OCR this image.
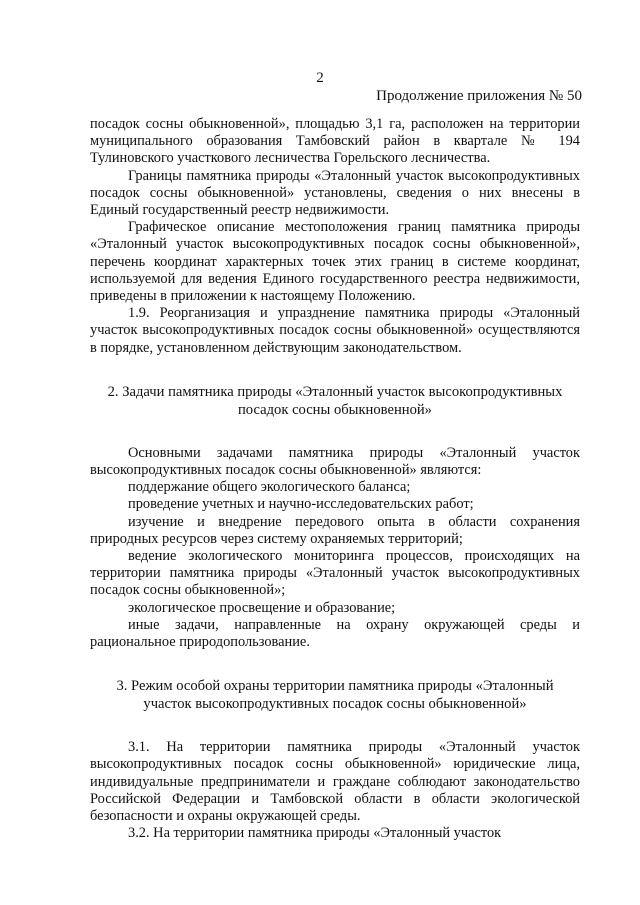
2
Продолжение приложения № 50

посадок сосны обыкновенной», площадью 3,1 га, расположен на территории муниципального образования Тамбовский район в квартале № 194 Тулиновского участкового лесничества Горельского лесничества.

Границы памятника природы «Эталонный участок высокопродуктивных посадок сосны обыкновенной» установлены, сведения о них внесены в Единый государственный реестр недвижимости.

Графическое описание местоположения границ памятника природы «Эталонный участок высокопродуктивных посадок сосны обыкновенной», перечень координат характерных точек этих границ в системе координат, используемой для ведения Единого государственного реестра недвижимости, приведены в приложении к настоящему Положению.

1.9. Реорганизация и упразднение памятника природы «Эталонный участок высокопродуктивных посадок сосны обыкновенной» осуществляются в порядке, установленном действующим законодательством.

2. Задачи памятника природы «Эталонный участок высокопродуктивных
посадок сосны обыкновенной»

Основными задачами памятника природы «Эталонный участок высокопродуктивных посадок сосны обыкновенной» являются:

поддержание общего экологического баланса;

проведение учетных и научно-исследовательских работ;

изучение и внедрение передового опыта в области сохранения природных ресурсов через систему охраняемых территорий;

ведение экологического мониторинга процессов, происходящих на территории памятника природы «Эталонный участок высокопродуктивных посадок сосны обыкновенной»;

экологическое просвещение и образование;

иные задачи, направленные на охрану окружающей среды и рациональное природопользование.

3. Режим особой охраны территории памятника природы «Эталонный
участок высокопродуктивных посадок сосны обыкновенной»

3.1. На территории памятника природы «Эталонный участок высокопродуктивных посадок сосны обыкновенной» юридические лица, индивидуальные предприниматели и граждане соблюдают законодательство Российской Федерации и Тамбовской области в области экологической безопасности и охраны окружающей среды.

3.2. На территории памятника природы «Эталонный участок
